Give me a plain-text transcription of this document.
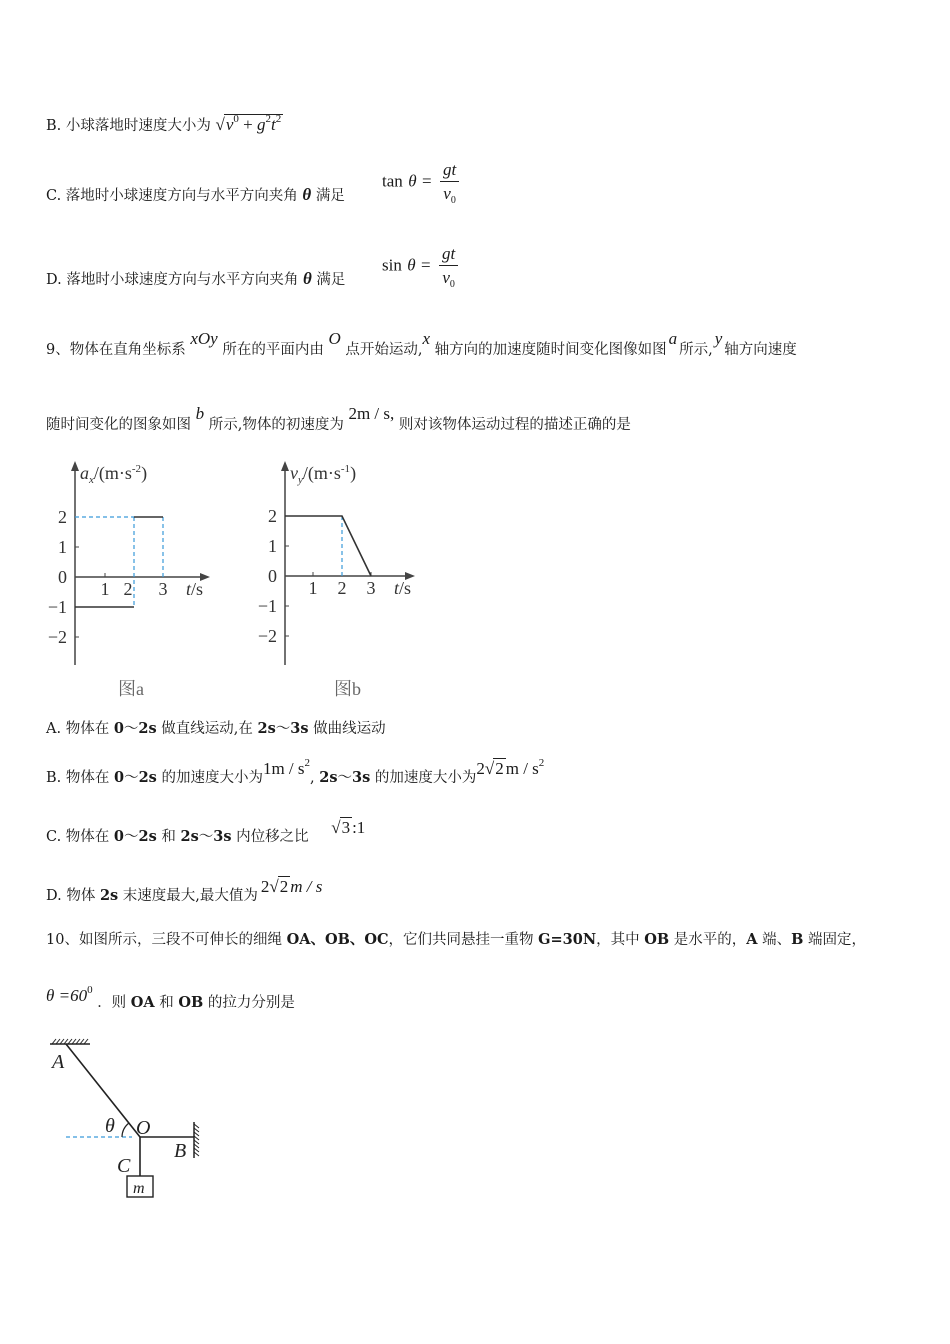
B. 小球落地时速度大小为 $√v^0 + g^2t^2$
C. 落地时小球速度方向与水平方向夹角 θ 满足
$\tan \theta = \frac{gt}{v_0}$
D. 落地时小球速度方向与水平方向夹角 θ 满足
$\sin \theta = \frac{gt}{v_0}$
9、物体在直角坐标系 xOy 所在的平面内由 O 点开始运动,x 轴方向的加速度随时间变化图像如图a所示,y轴方向速度
随时间变化的图象如图 b 所示,物体的初速度为 2m / s, 则对该物体运动过程的描述正确的是
$a_x/(m\cdot s^{-2})$
2
1
0
−1
−2
1 2 3 t/s
图a
$v_y/(m\cdot s^{-1})$
2
1
0
−1
−2
1 2 3 t/s
图b
A. 物体在 0～2s 做直线运动,在 2s～3s 做曲线运动
B. 物体在 0～2s 的加速度大小为$1m / s^2$, 2s～3s 的加速度大小为2√2 m / $s^2$
C. 物体在 0～2s 和 2s～3s 内位移之比 √3 :1
D. 物体 2s 末速度最大,最大值为 2√2 m / s
10、如图所示，三段不可伸长的细绳 OA、OB、OC，它们共同悬挂一重物 G=30N，其中 OB 是水平的，A 端、B 端固定，
$\theta =60^0$ ．则 OA 和 OB 的拉力分别是
A
θ O
B
C
m
